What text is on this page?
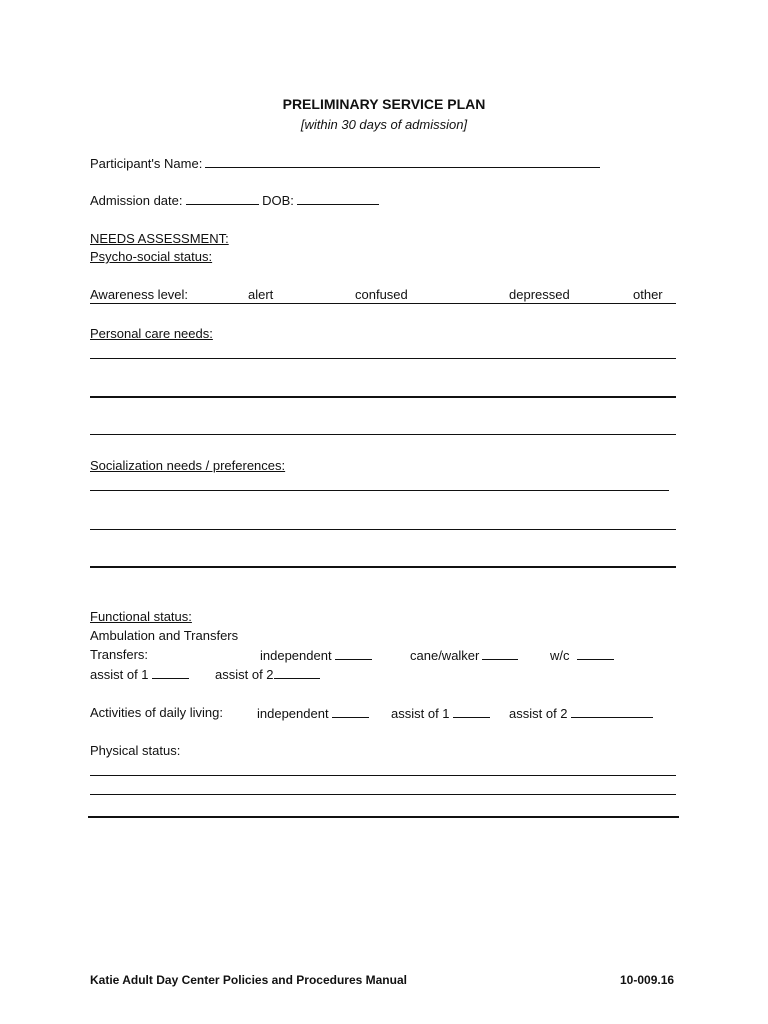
PRELIMINARY SERVICE PLAN
[within 30 days of admission]
Participant's Name:
Admission date:	DOB:
NEEDS ASSESSMENT:
Psycho-social status:
Awareness level:	alert	confused	depressed	other
Personal care needs:
Socialization needs / preferences:
Functional status:
Ambulation and Transfers
Transfers:	independent	cane/walker	w/c
assist of 1	assist of 2
Activities of daily living:	independent	assist of 1	assist of 2
Physical status:
Katie Adult Day Center Policies and Procedures Manual	10-009.16
